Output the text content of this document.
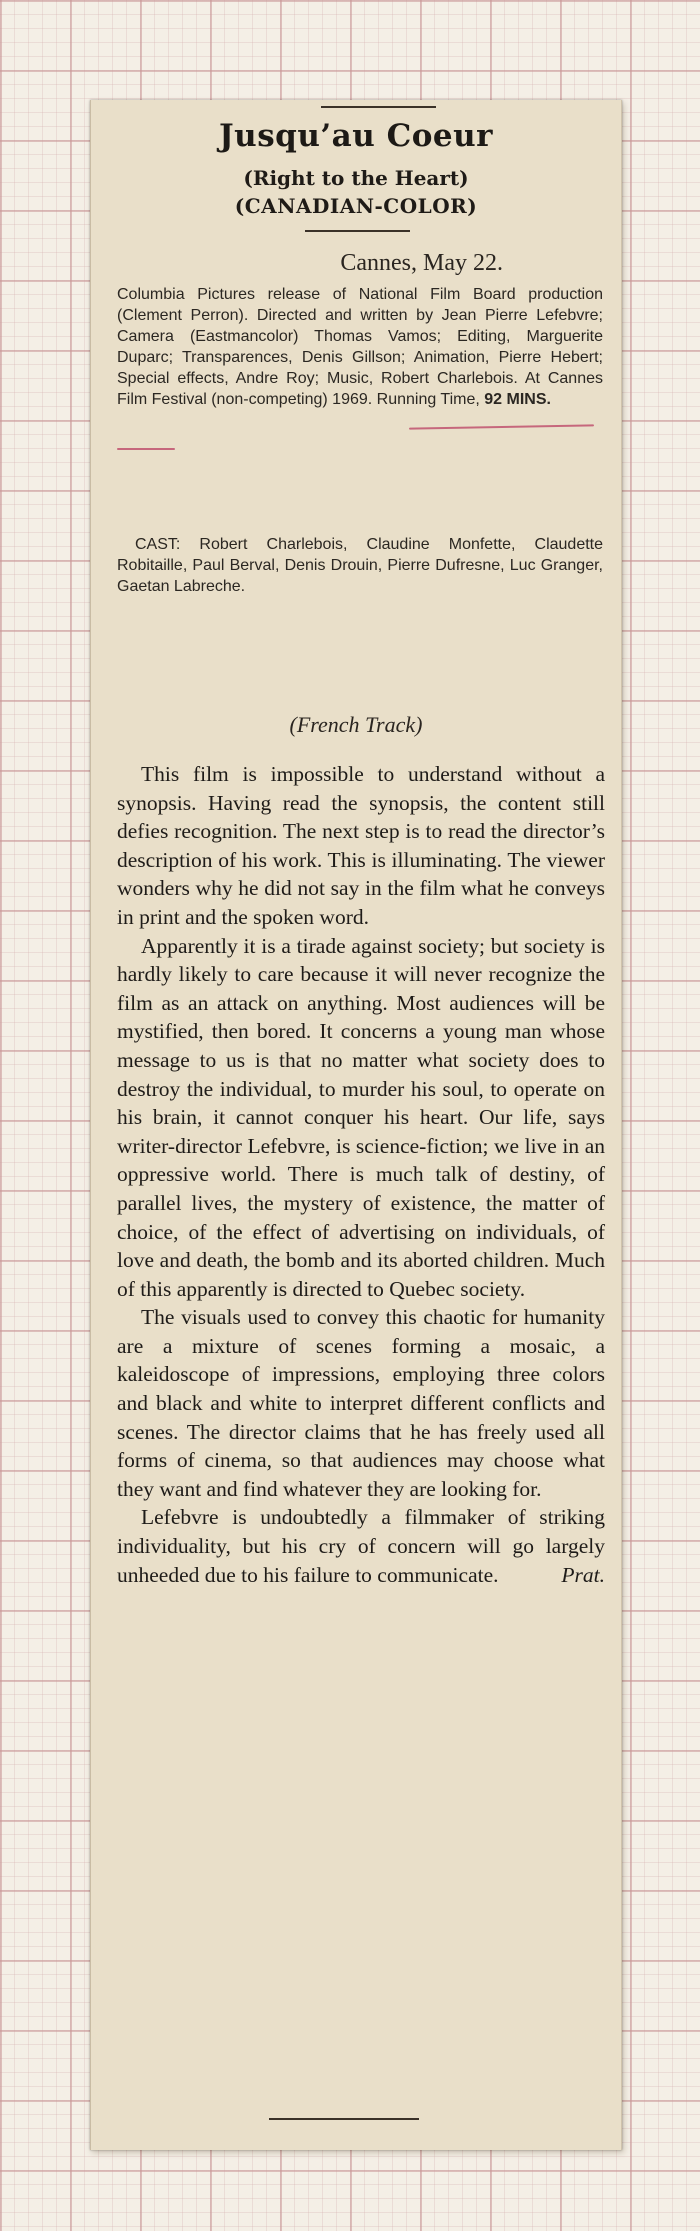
Jusqu’au Coeur
(Right to the Heart)
(CANADIAN-COLOR)
Cannes, May 22.

Columbia Pictures release of National Film Board production (Clement Perron). Directed and written by Jean Pierre Lefebvre; Camera (Eastmancolor) Thomas Vamos; Editing, Marguerite Duparc; Transparences, Denis Gillson; Animation, Pierre Hebert; Special effects, Andre Roy; Music, Robert Charlebois. At Cannes Film Festival (non-competing) 1969. Running Time, 92 MINS.

CAST: Robert Charlebois, Claudine Monfette, Claudette Robitaille, Paul Berval, Denis Drouin, Pierre Dufresne, Luc Granger, Gaetan Labreche.

(French Track)

This film is impossible to understand without a synopsis. Having read the synopsis, the content still defies recognition. The next step is to read the director’s description of his work. This is illuminating. The viewer wonders why he did not say in the film what he conveys in print and the spoken word.

Apparently it is a tirade against society; but society is hardly likely to care because it will never recognize the film as an attack on anything. Most audiences will be mystified, then bored. It concerns a young man whose message to us is that no matter what society does to destroy the individual, to murder his soul, to operate on his brain, it cannot conquer his heart. Our life, says writer-director Lefebvre, is science-fiction; we live in an oppressive world. There is much talk of destiny, of parallel lives, the mystery of existence, the matter of choice, of the effect of advertising on individuals, of love and death, the bomb and its aborted children. Much of this apparently is directed to Quebec society.

The visuals used to convey this chaotic for humanity are a mixture of scenes forming a mosaic, a kaleidoscope of impressions, employing three colors and black and white to interpret different conflicts and scenes. The director claims that he has freely used all forms of cinema, so that audiences may choose what they want and find whatever they are looking for.

Lefebvre is undoubtedly a filmmaker of striking individuality, but his cry of concern will go largely unheeded due to his failure to communicate.	Prat.
